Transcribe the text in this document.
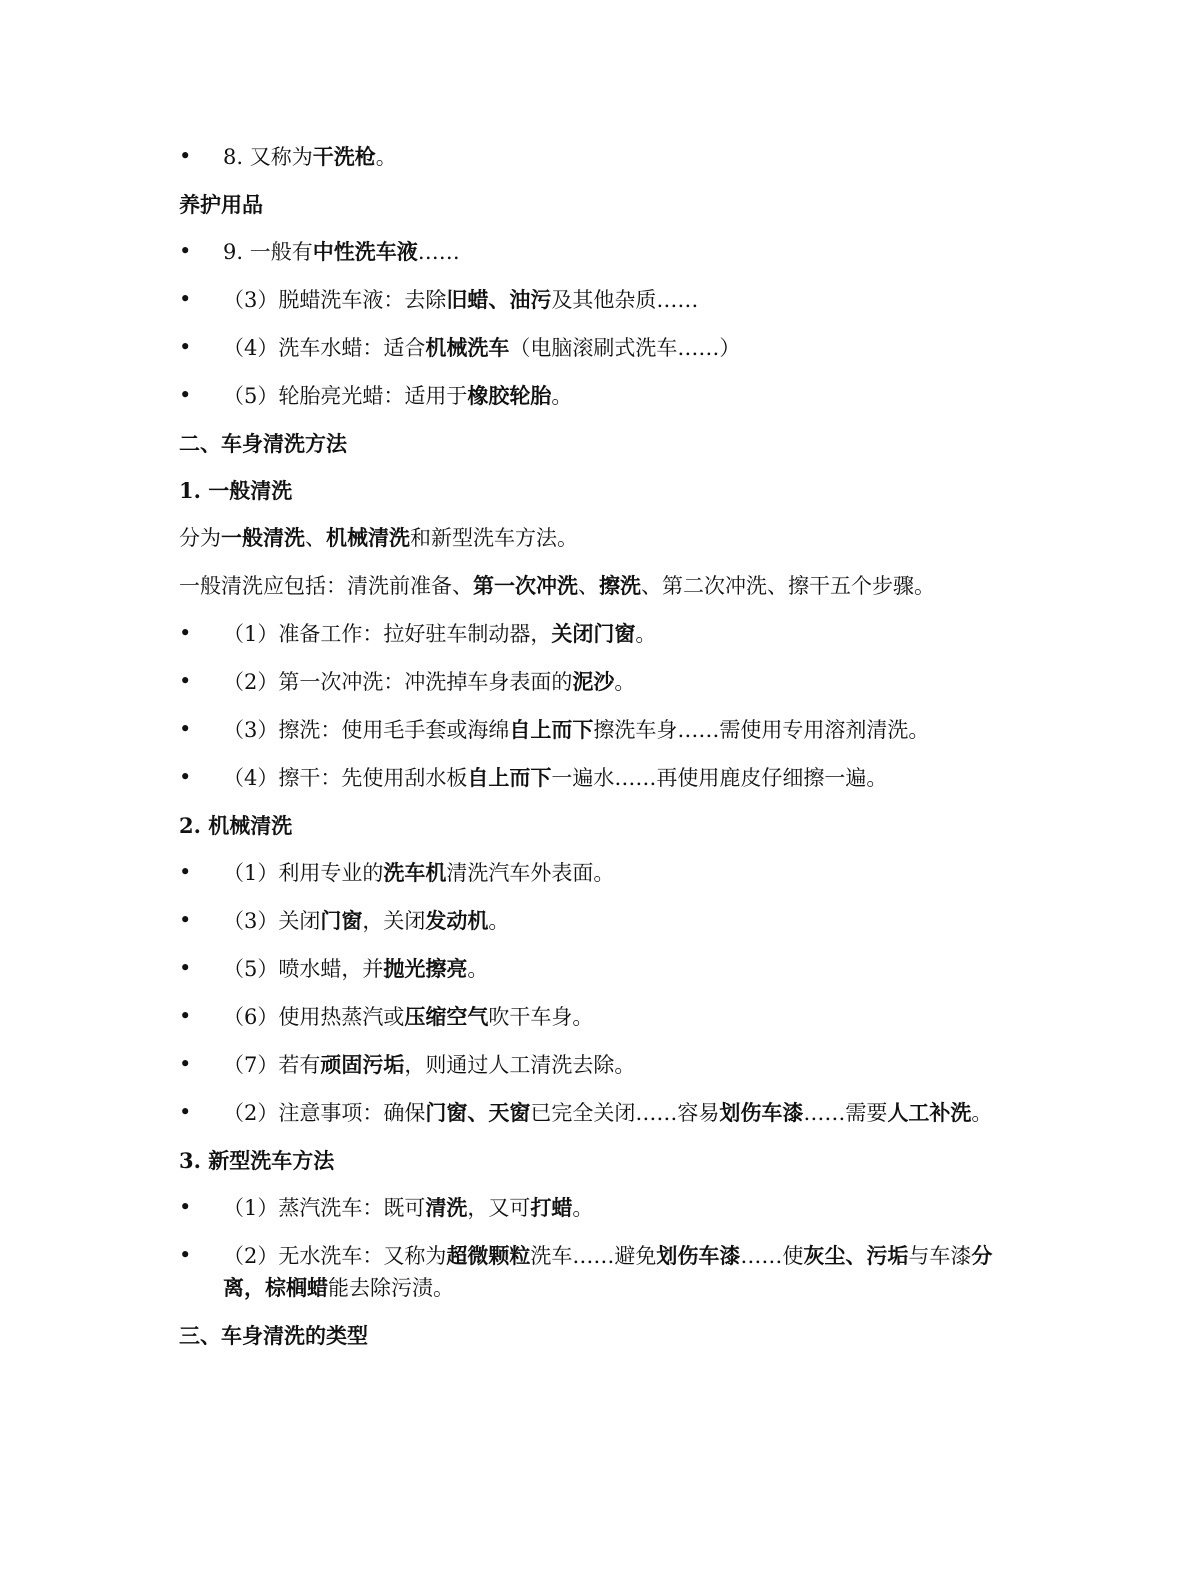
• 8. 又称为干洗枪。
养护用品
• 9. 一般有中性洗车液……
• （3）脱蜡洗车液：去除旧蜡、油污及其他杂质……
• （4）洗车水蜡：适合机械洗车（电脑滚刷式洗车……）
• （5）轮胎亮光蜡：适用于橡胶轮胎。
二、车身清洗方法
1. 一般清洗
分为一般清洗、机械清洗和新型洗车方法。
一般清洗应包括：清洗前准备、第一次冲洗、擦洗、第二次冲洗、擦干五个步骤。
• （1）准备工作：拉好驻车制动器，关闭门窗。
• （2）第一次冲洗：冲洗掉车身表面的泥沙。
• （3）擦洗：使用毛手套或海绵自上而下擦洗车身……需使用专用溶剂清洗。
• （4）擦干：先使用刮水板自上而下一遍水……再使用鹿皮仔细擦一遍。
2. 机械清洗
• （1）利用专业的洗车机清洗汽车外表面。
• （3）关闭门窗，关闭发动机。
• （5）喷水蜡，并抛光擦亮。
• （6）使用热蒸汽或压缩空气吹干车身。
• （7）若有顽固污垢，则通过人工清洗去除。
• （2）注意事项：确保门窗、天窗已完全关闭……容易划伤车漆……需要人工补洗。
3. 新型洗车方法
• （1）蒸汽洗车：既可清洗，又可打蜡。
• （2）无水洗车：又称为超微颗粒洗车……避免划伤车漆……使灰尘、污垢与车漆分离，棕榈蜡能去除污渍。
三、车身清洗的类型
